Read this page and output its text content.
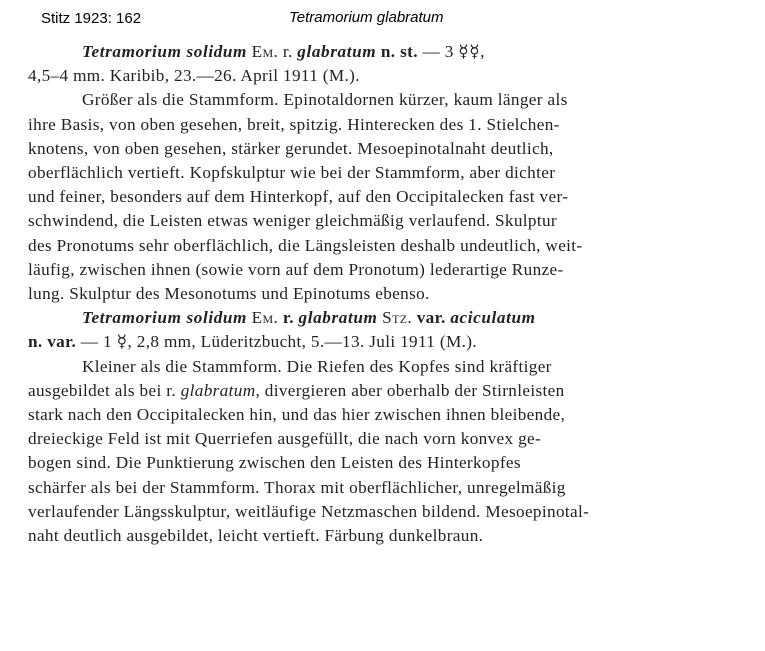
Stitz 1923: 162	Tetramorium glabratum
Tetramorium solidum Em. r. glabratum n. st. — 3 ☿☿,
4,5–4 mm. Karibib, 23.—26. April 1911 (M.).
Größer als die Stammform. Epinotaldornen kürzer, kaum länger als
ihre Basis, von oben gesehen, breit, spitzig. Hinterecken des 1. Stielchen-
knotens, von oben gesehen, stärker gerundet. Mesoepinotalnaht deutlich,
oberflächlich vertieft. Kopfskulptur wie bei der Stammform, aber dichter
und feiner, besonders auf dem Hinterkopf, auf den Occipitalecken fast ver-
schwindend, die Leisten etwas weniger gleichmäßig verlaufend. Skulptur
des Pronotums sehr oberflächlich, die Längsleisten deshalb undeutlich, weit-
läufig, zwischen ihnen (sowie vorn auf dem Pronotum) lederartige Runze-
lung. Skulptur des Mesonotums und Epinotums ebenso.
Tetramorium solidum Em. r. glabratum Stz. var. aciculatum
n. var. — 1 ☿, 2,8 mm, Lüderitzbucht, 5.—13. Juli 1911 (M.).
Kleiner als die Stammform. Die Riefen des Kopfes sind kräftiger
ausgebildet als bei r. glabratum, divergieren aber oberhalb der Stirnleisten
stark nach den Occipitalecken hin, und das hier zwischen ihnen bleibende,
dreieckige Feld ist mit Querriefen ausgefüllt, die nach vorn konvex ge-
bogen sind. Die Punktierung zwischen den Leisten des Hinterkopfes
schärfer als bei der Stammform. Thorax mit oberflächlicher, unregelmäßig
verlaufender Längsskulptur, weitläufige Netzmaschen bildend. Mesoepinotal-
naht deutlich ausgebildet, leicht vertieft. Färbung dunkelbraun.
